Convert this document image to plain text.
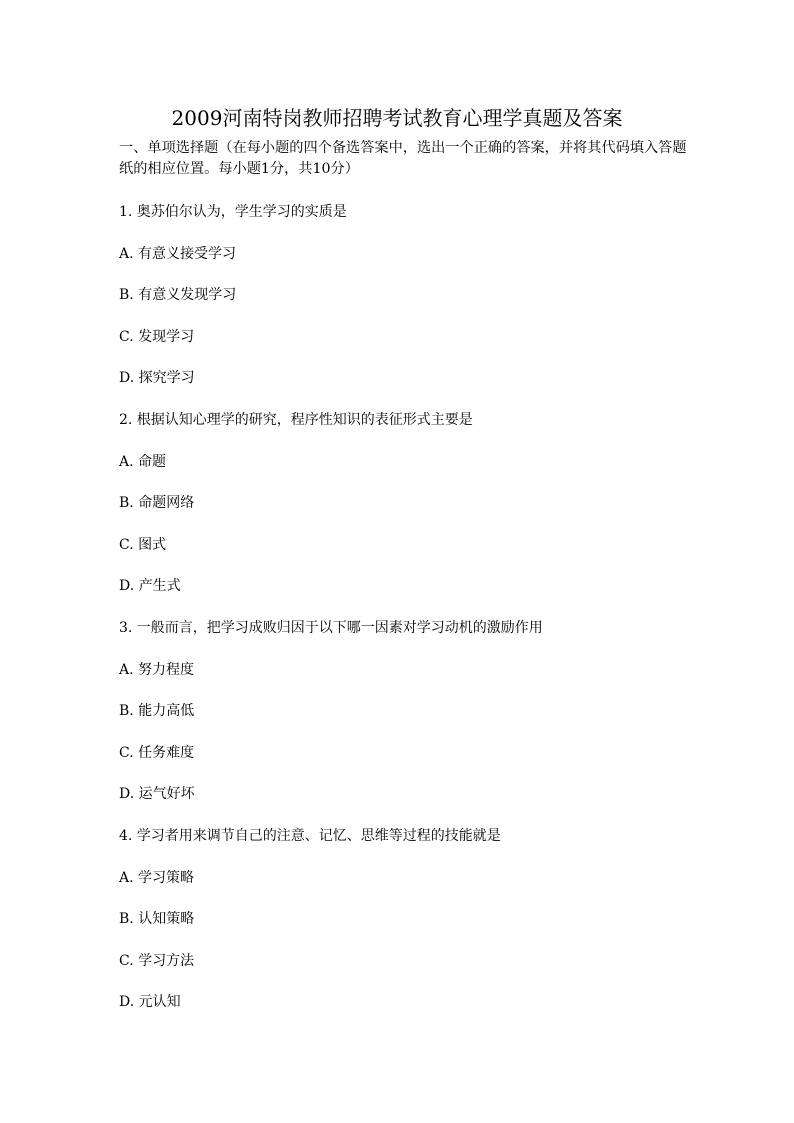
2009河南特岗教师招聘考试教育心理学真题及答案
一、单项选择题（在每小题的四个备选答案中，选出一个正确的答案，并将其代码填入答题纸的相应位置。每小题1分，共10分）
1. 奥苏伯尔认为，学生学习的实质是
A. 有意义接受学习
B. 有意义发现学习
C. 发现学习
D. 探究学习
2. 根据认知心理学的研究，程序性知识的表征形式主要是
A. 命题
B. 命题网络
C. 图式
D. 产生式
3. 一般而言，把学习成败归因于以下哪一因素对学习动机的激励作用
A. 努力程度
B. 能力高低
C. 任务难度
D. 运气好坏
4. 学习者用来调节自己的注意、记忆、思维等过程的技能就是
A. 学习策略
B. 认知策略
C. 学习方法
D. 元认知
